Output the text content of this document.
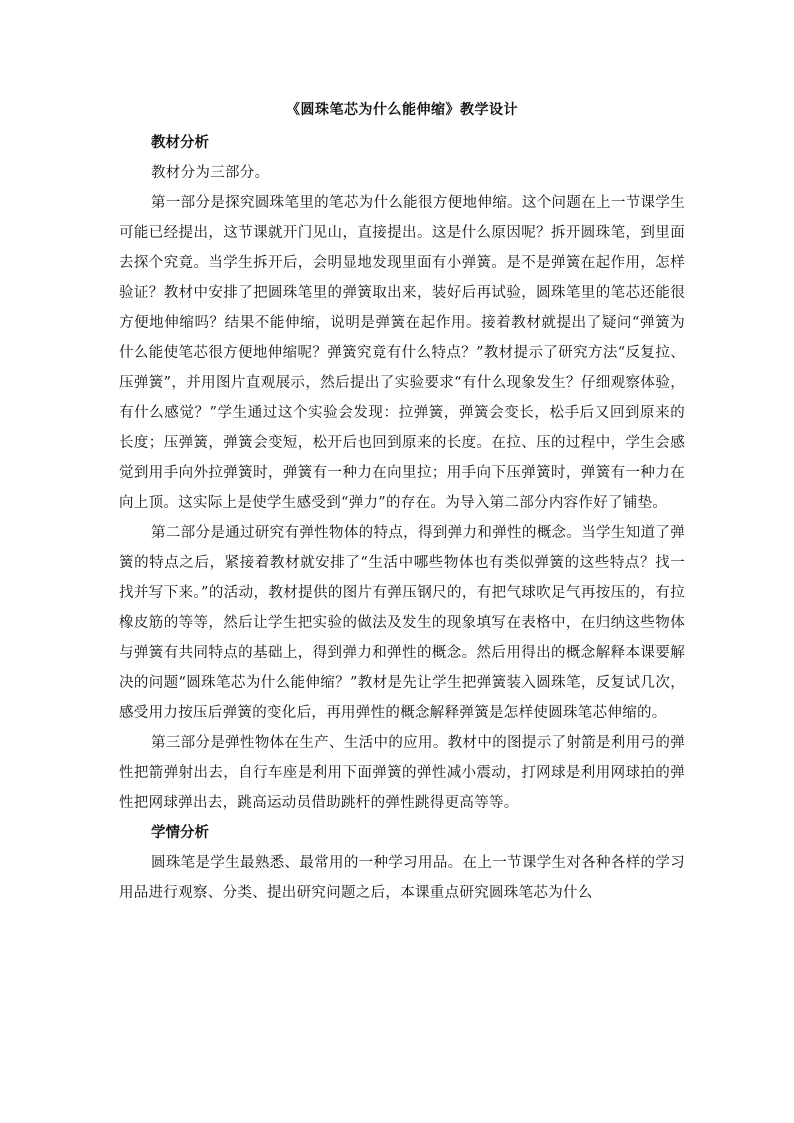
《圆珠笔芯为什么能伸缩》教学设计
教材分析

教材分为三部分。

第一部分是探究圆珠笔里的笔芯为什么能很方便地伸缩。这个问题在上一节课学生可能已经提出，这节课就开门见山，直接提出。这是什么原因呢？拆开圆珠笔，到里面去探个究竟。当学生拆开后，会明显地发现里面有小弹簧。是不是弹簧在起作用，怎样验证？教材中安排了把圆珠笔里的弹簧取出来，装好后再试验，圆珠笔里的笔芯还能很方便地伸缩吗？结果不能伸缩，说明是弹簧在起作用。接着教材就提出了疑问“弹簧为什么能使笔芯很方便地伸缩呢？弹簧究竟有什么特点？”教材提示了研究方法“反复拉、压弹簧”，并用图片直观展示，然后提出了实验要求“有什么现象发生？仔细观察体验，有什么感觉？”学生通过这个实验会发现：拉弹簧，弹簧会变长，松手后又回到原来的长度；压弹簧，弹簧会变短，松开后也回到原来的长度。在拉、压的过程中，学生会感觉到用手向外拉弹簧时，弹簧有一种力在向里拉；用手向下压弹簧时，弹簧有一种力在向上顶。这实际上是使学生感受到“弹力”的存在。为导入第二部分内容作好了铺垫。

第二部分是通过研究有弹性物体的特点，得到弹力和弹性的概念。当学生知道了弹簧的特点之后，紧接着教材就安排了“生活中哪些物体也有类似弹簧的这些特点？找一找并写下来。”的活动，教材提供的图片有弹压钢尺的，有把气球吹足气再按压的，有拉橡皮筋的等等，然后让学生把实验的做法及发生的现象填写在表格中，在归纳这些物体与弹簧有共同特点的基础上，得到弹力和弹性的概念。然后用得出的概念解释本课要解决的问题“圆珠笔芯为什么能伸缩？”教材是先让学生把弹簧装入圆珠笔，反复试几次，感受用力按压后弹簧的变化后，再用弹性的概念解释弹簧是怎样使圆珠笔芯伸缩的。

第三部分是弹性物体在生产、生活中的应用。教材中的图提示了射箭是利用弓的弹性把箭弹射出去，自行车座是利用下面弹簧的弹性减小震动，打网球是利用网球拍的弹性把网球弹出去，跳高运动员借助跳杆的弹性跳得更高等等。

学情分析

圆珠笔是学生最熟悉、最常用的一种学习用品。在上一节课学生对各种各样的学习用品进行观察、分类、提出研究问题之后，本课重点研究圆珠笔芯为什么
